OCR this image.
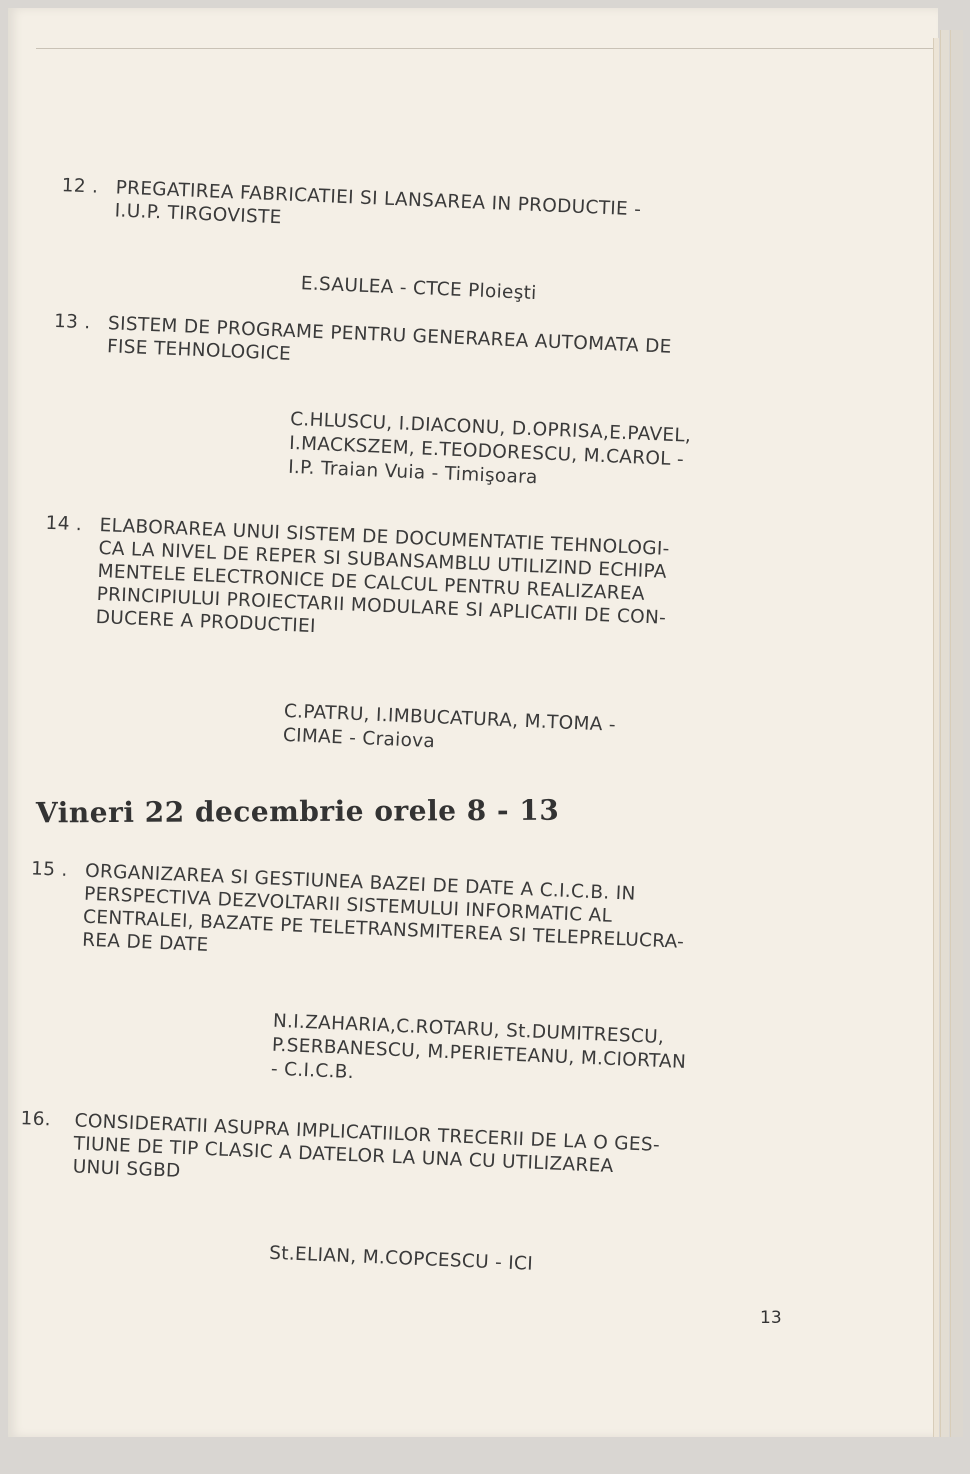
12 . PREGATIREA FABRICATIEI SI LANSAREA IN PRODUCTIE -
I.U.P. TIRGOVISTE
E.SAULEA - CTCE Ploieşti
13 . SISTEM DE PROGRAME PENTRU GENERAREA AUTOMATA DE
FISE TEHNOLOGICE
C.HLUSCU, I.DIACONU, D.OPRISA,E.PAVEL,
I.MACKSZEM, E.TEODORESCU, M.CAROL -
I.P. Traian Vuia - Timişoara
14 . ELABORAREA UNUI SISTEM DE DOCUMENTATIE TEHNOLOGI-
CA LA NIVEL DE REPER SI SUBANSAMBLU UTILIZIND ECHIPA
MENTELE ELECTRONICE DE CALCUL PENTRU REALIZAREA
PRINCIPIULUI PROIECTARII MODULARE SI APLICATII DE CON-
DUCERE A PRODUCTIEI
C.PATRU, I.IMBUCATURA, M.TOMA -
CIMAE - Craiova
15 . ORGANIZAREA SI GESTIUNEA BAZEI DE DATE A C.I.C.B. IN
PERSPECTIVA DEZVOLTARII SISTEMULUI INFORMATIC AL
CENTRALEI, BAZATE PE TELETRANSMITEREA SI TELEPRELUCRA-
REA DE DATE
N.I.ZAHARIA,C.ROTARU, St.DUMITRESCU,
P.SERBANESCU, M.PERIETEANU, M.CIORTAN
- C.I.C.B.
16. CONSIDERATII ASUPRA IMPLICATIILOR TRECERII DE LA O GES-
TIUNE DE TIP CLASIC A DATELOR LA UNA CU UTILIZAREA
UNUI SGBD
St.ELIAN, M.COPCESCU - ICI
Vineri 22 decembrie orele 8 - 13
13
